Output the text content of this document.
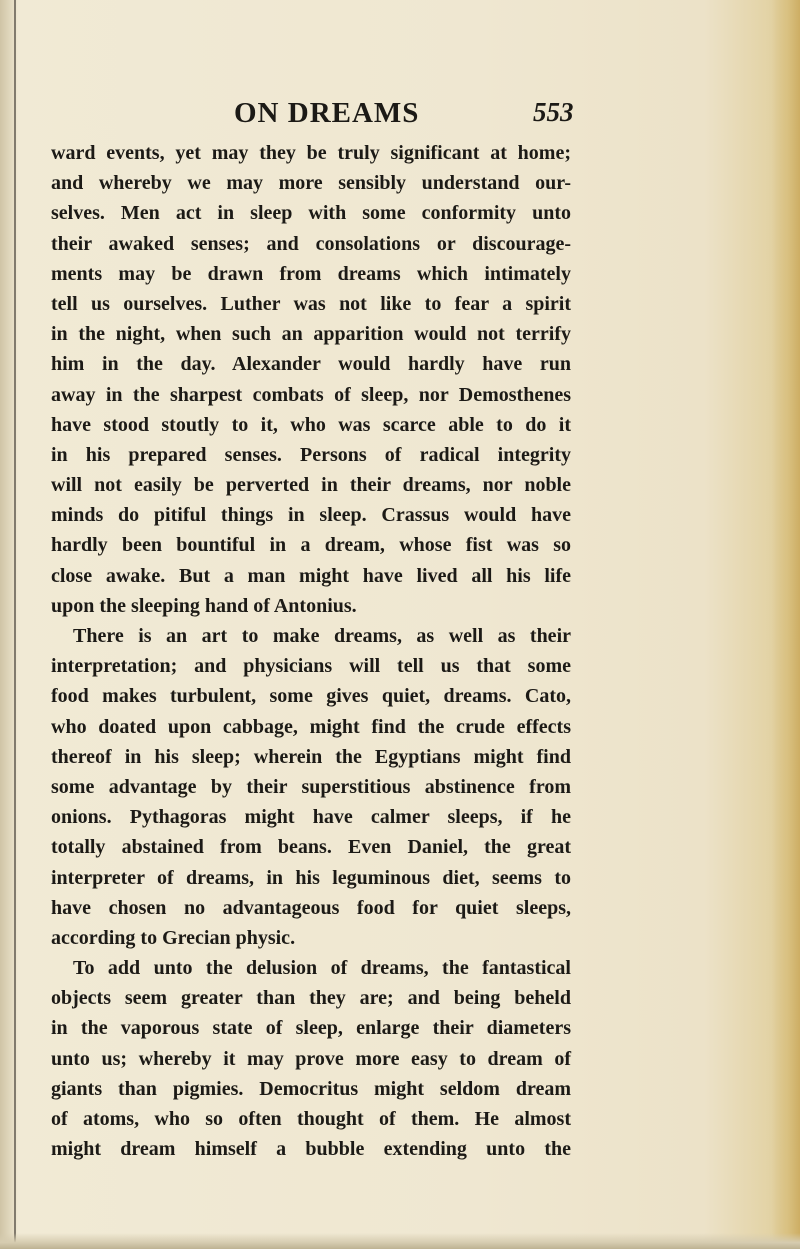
ON DREAMS	553
ward events, yet may they be truly significant at home;
and whereby we may more sensibly understand our-
selves. Men act in sleep with some conformity unto
their awaked senses; and consolations or discourage-
ments may be drawn from dreams which intimately
tell us ourselves. Luther was not like to fear a spirit
in the night, when such an apparition would not terrify
him in the day. Alexander would hardly have run
away in the sharpest combats of sleep, nor Demosthenes
have stood stoutly to it, who was scarce able to do it
in his prepared senses. Persons of radical integrity
will not easily be perverted in their dreams, nor noble
minds do pitiful things in sleep. Crassus would have
hardly been bountiful in a dream, whose fist was so
close awake. But a man might have lived all his life
upon the sleeping hand of Antonius.
There is an art to make dreams, as well as their
interpretation; and physicians will tell us that some
food makes turbulent, some gives quiet, dreams. Cato,
who doated upon cabbage, might find the crude effects
thereof in his sleep; wherein the Egyptians might find
some advantage by their superstitious abstinence from
onions. Pythagoras might have calmer sleeps, if he
totally abstained from beans. Even Daniel, the great
interpreter of dreams, in his leguminous diet, seems to
have chosen no advantageous food for quiet sleeps,
according to Grecian physic.
To add unto the delusion of dreams, the fantastical
objects seem greater than they are; and being beheld
in the vaporous state of sleep, enlarge their diameters
unto us; whereby it may prove more easy to dream of
giants than pigmies. Democritus might seldom dream
of atoms, who so often thought of them. He almost
might dream himself a bubble extending unto the
